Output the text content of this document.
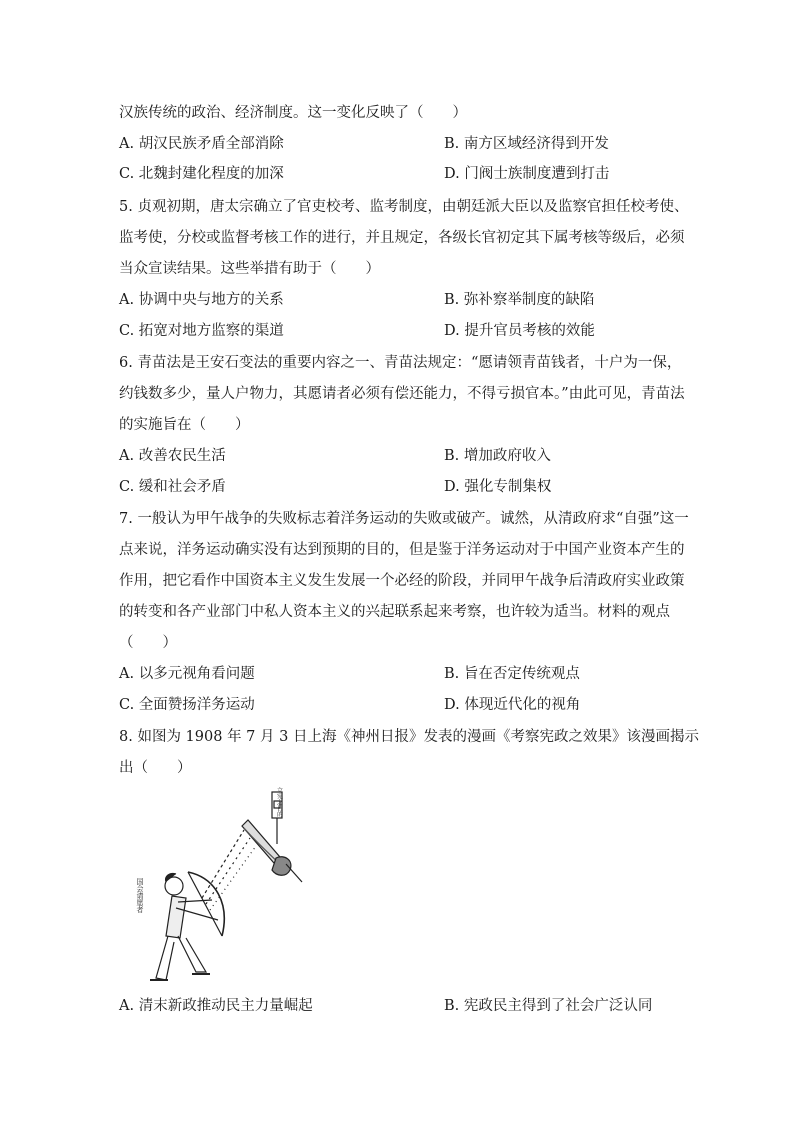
汉族传统的政治、经济制度。这一变化反映了（　　）
A. 胡汉民族矛盾全部消除	B. 南方区域经济得到开发
C. 北魏封建化程度的加深	D. 门阀士族制度遭到打击
5. 贞观初期，唐太宗确立了官吏校考、监考制度，由朝廷派大臣以及监察官担任校考使、
监考使，分校或监督考核工作的进行，并且规定，各级长官初定其下属考核等级后，必须
当众宣读结果。这些举措有助于（　　）
A. 协调中央与地方的关系	B. 弥补察举制度的缺陷
C. 拓宽对地方监察的渠道	D. 提升官员考核的效能
6. 青苗法是王安石变法的重要内容之一、青苗法规定：“愿请领青苗钱者，十户为一保，
约钱数多少，量人户物力，其愿请者必须有偿还能力，不得亏损官本。”由此可见，青苗法
的实施旨在（　　）
A. 改善农民生活	B. 增加政府收入
C. 缓和社会矛盾	D. 强化专制集权
7. 一般认为甲午战争的失败标志着洋务运动的失败或破产。诚然，从清政府求“自强”这一
点来说，洋务运动确实没有达到预期的目的，但是鉴于洋务运动对于中国产业资本产生的
作用，把它看作中国资本主义发生发展一个必经的阶段，并同甲午战争后清政府实业政策
的转变和各产业部门中私人资本主义的兴起联系起来考察，也许较为适当。材料的观点
（　　）
A. 以多元视角看问题	B. 旨在否定传统观点
C. 全面赞扬洋务运动	D. 体现近代化的视角
8. 如图为 1908 年 7 月 3 日上海《神州日报》发表的漫画《考察宪政之效果》该漫画揭示
出（　　）
立宪之目的
国会请愿者
A. 清末新政推动民主力量崛起	B. 宪政民主得到了社会广泛认同
